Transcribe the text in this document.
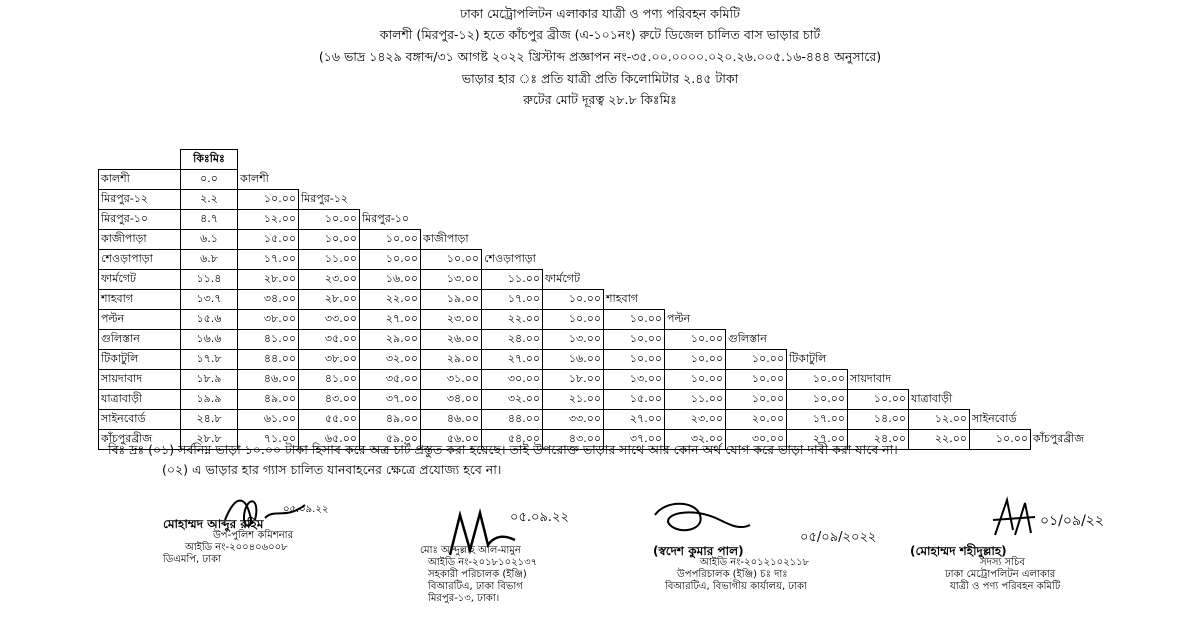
ঢাকা মেট্রোপলিটন এলাকার যাত্রী ও পণ্য পরিবহন কমিটি
কালশী (মিরপুর-১২) হতে কাঁচপুর ব্রীজ (এ-১০১নং) রুটে ডিজেল চালিত বাস ভাড়ার চার্ট
(১৬ ভাদ্র ১৪২৯ বঙ্গাব্দ/৩১ আগষ্ট ২০২২ খ্রিস্টাব্দ প্রজ্ঞাপন নং-৩৫.০০.০০০০.০২০.২৬.০০৫.১৬-৪৪৪ অনুসারে)
ভাড়ার হার ঃ প্রতি যাত্রী প্রতি কিলোমিটার ২.৪৫ টাকা
রুটের মোট দূরত্ব ২৮.৮ কিঃমিঃ
	কিঃমিঃ														
কালশী	০.০	কালশী													
মিরপুর-১২	২.২	১০.০০	মিরপুর-১২												
মিরপুর-১০	৪.৭	১২.০০	১০.০০	মিরপুর-১০											
কাজীপাড়া	৬.১	১৫.০০	১০.০০	১০.০০	কাজীপাড়া										
শেওড়াপাড়া	৬.৮	১৭.০০	১১.০০	১০.০০	১০.০০	শেওড়াপাড়া									
ফার্মগেট	১১.৪	২৮.০০	২৩.০০	১৬.০০	১৩.০০	১১.০০	ফার্মগেট								
শাহবাগ	১৩.৭	৩৪.০০	২৮.০০	২২.০০	১৯.০০	১৭.০০	১০.০০	শাহবাগ							
পল্টন	১৫.৬	৩৮.০০	৩৩.০০	২৭.০০	২৩.০০	২২.০০	১০.০০	১০.০০	পল্টন						
গুলিস্তান	১৬.৬	৪১.০০	৩৫.০০	২৯.০০	২৬.০০	২৪.০০	১৩.০০	১০.০০	১০.০০	গুলিস্তান					
টিকাটুলি	১৭.৮	৪৪.০০	৩৮.০০	৩২.০০	২৯.০০	২৭.০০	১৬.০০	১০.০০	১০.০০	১০.০০	টিকাটুলি				
সায়দাবাদ	১৮.৯	৪৬.০০	৪১.০০	৩৫.০০	৩১.০০	৩০.০০	১৮.০০	১৩.০০	১০.০০	১০.০০	১০.০০	সায়দাবাদ			
যাত্রাবাড়ী	১৯.৯	৪৯.০০	৪৩.০০	৩৭.০০	৩৪.০০	৩২.০০	২১.০০	১৫.০০	১১.০০	১০.০০	১০.০০	১০.০০	যাত্রাবাড়ী		
সাইনবোর্ড	২৪.৮	৬১.০০	৫৫.০০	৪৯.০০	৪৬.০০	৪৪.০০	৩৩.০০	২৭.০০	২৩.০০	২০.০০	১৭.০০	১৪.০০	১২.০০	সাইনবোর্ড	
কাঁচপুরব্রীজ	২৮.৮	৭১.০০	৬৫.০০	৫৯.০০	৫৬.০০	৫৪.০০	৪৩.০০	৩৭.০০	৩২.০০	৩০.০০	২৭.০০	২৪.০০	২২.০০	১০.০০	কাঁচপুরব্রীজ
বিঃ দ্রঃ (০১) সর্বনিম্ন ভাড়া ১০.০০ টাকা হিসাব করে অত্র চার্ট প্রস্তুত করা হয়েছে। তাই উপরোক্ত ভাড়ার সাথে আর কোন অর্থ যোগ করে ভাড়া দাবী করা যাবে না।
(০২) এ ভাড়ার হার গ্যাস চালিত যানবাহনের ক্ষেত্রে প্রযোজ্য হবে না।
০৫.০৯.২২
মোহাম্মদ আব্দুর রহিম
উপ-পুলিশ কমিশনার
আইডি নং-২০০৪০৬০০৮
ডিএমপি, ঢাকা
০৫.০৯.২২
মোঃ আব্দুল্লাহ আল-মামুন
আইডি নং-২০১৮১০২১৩৭
সহকারী পরিচালক (ইঞ্জি)
বিআরটিএ, ঢাকা বিভাগ
মিরপুর-১৩, ঢাকা।
০৫/০৯/২০২২
(স্বদেশ কুমার পাল)
আইডি নং-২০১২১০২১১৮
উপপরিচালক (ইঞ্জি) চঃ দাঃ
বিআরটিএ, বিভাগীয় কার্যালয়, ঢাকা
০১/০৯/২২
(মোহাম্মদ শহীদুল্লাহ)
সদস্য সচিব
ঢাকা মেট্রোপলিটন এলাকার
যাত্রী ও পণ্য পরিবহন কমিটি
